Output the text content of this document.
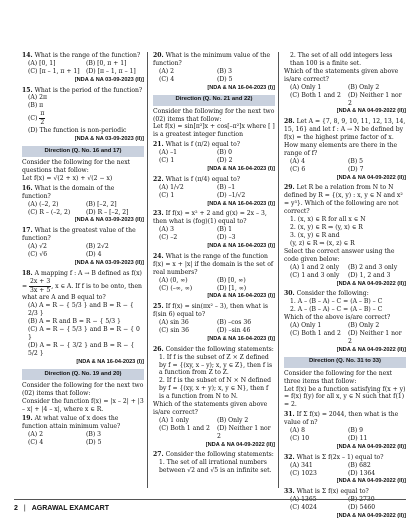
14. What is the range of the function?
(A) [0, 1]	(B) [0, π + 1]
(C) [π – 1, π + 1]	(D) [π – 1, π – 1]
[NDA & NA 03-09-2023 (II)]
15. What is the period of the function?
(A) 2π
(B) π
$(C) \frac{\pi}{2}$
(D) The function is non-periodic
[NDA & NA 03-09-2023 (II)]
Direction (Q. No. 16 and 17)
Consider the following for the next questions that follow:
Let f(x) = √(2 + x) + √(2 − x)
16. What is the domain of the function?
(A) (–2, 2)	(B) [–2, 2]
(C) R – (–2, 2)	(D) R – [–2, 2]
[NDA & NA 03-09-2023 (II)]
17. What is the greatest value of the function?
(A) √2	(B) 2√2
(C) √6	(D) 4
[NDA & NA 03-09-2023 (II)]
18. A mapping f : A → B defined as $f(x) = \frac{2x + 3}{3x + 5}$ , x ∈ A. If f is to be onto, then what are A and B equal to?
(A) A = R − { 5/3 } and B = R − { 2/3 }
(B) A = R and B = R − { 5/3 }
(C) A = R − { 5/3 } and B = R − { 0 }
(D) A = R − { 3/2 } and B = R − { 5/2 }
[NDA & NA 16-04-2023 (I)]
Direction (Q. No. 19 and 20)
Consider the following for the next two (02) items that follow:
Consider the function f(x) = |x – 2| + |3 – x| + |4 – x|, where x ∈ R.
19. At what value of x does the function attain minimum value?
(A) 2	(B) 3
(C) 4	(D) 5
20. What is the minimum value of the function?
(A) 2	(B) 3
(C) 4	(D) 5
[NDA & NA 16-04-2023 (I)]
Direction (Q. No. 21 and 22)
Consider the following for the next two (02) items that follow:
Let f(x) = sin[π²]x + cos[–π²]x where [ ] is a greatest integer function
21. What is f (π/2) equal to?
(A) –1	(B) 0
(C) 1	(D) 2
[NDA & NA 16-04-2023 (I)]
22. What is f (π/4) equal to?
(A) 1/√2	(B) –1
(C) 1	(D) –1/√2
[NDA & NA 16-04-2023 (I)]
23. If f(x) = x² + 2 and g(x) = 2x – 3, then what is (fog)(1) equal to?
(A) 3	(B) 1
(C) –2	(D) –3
[NDA & NA 16-04-2023 (I)]
24. What is the range of the function f(x) = x + |x| if the domain is the set of real numbers?
(A) (0, ∞)	(B) [0, ∞)
(C) (–∞, ∞)	(D) [1, ∞)
[NDA & NA 16-04-2023 (I)]
25. If f(x) = sin(πx² – 3), then what is f(sin 6) equal to?
(A) sin 36	(B) –cos 36
(C) sin 36	(D) –sin 46
[NDA & NA 16-04-2023 (I)]
26. Consider the following statements:
1. If f is the subset of Z × Z defined by f = {(xy, x – y); x, y ∈ Z}, then f is a function from Z to Z.
2. If f is the subset of N × N defined by f = {(xy, x + y); x, y ∈ N}, then f is a function from N to N.
Which of the statements given above is/are correct?
(A) 1 only	(B) Only 2
(C) Both 1 and 2	(D) Neither 1 nor 2
[NDA & NA 04-09-2022 (II)]
27. Consider the following statements:
1. The set of all irrational numbers between √2 and √5 is an infinite set.
2. The set of all odd integers less than 100 is a finite set.
Which of the statements given above is/are correct?
(A) Only 1	(B) Only 2
(C) Both 1 and 2	(D) Neither 1 nor 2
[NDA & NA 04-09-2022 (II)]
28. Let A = {7, 8, 9, 10, 11, 12, 13, 14, 15, 16} and let f : A → N be defined by f(x) = the highest prime factor of x. How many elements are there in the range of f?
(A) 4	(B) 5
(C) 6	(D) 7
[NDA & NA 04-09-2022 (II)]
29. Let R be a relation from N to N defined by R = {(x, y) : x, y ∈ N and x² = y³}. Which of the following are not correct?
1. (x, x) ∈ R for all x ∈ N
2. (x, y) ∈ R ⇒ (y, x) ∈ R
3. (x, y) ∈ R and
(y, z) ∈ R ⇒ (x, z) ∈ R
Select the correct answer using the code given below:
(A) 1 and 2 only	(B) 2 and 3 only
(C) 1 and 3 only	(D) 1, 2 and 3
[NDA & NA 04-09-2022 (II)]
30. Consider the following:
1. A – (B – A) – C = (A – B) – C
2. A – (B – A) – C = (A – B) – C
Which of the above is/are correct?
(A) Only 1	(B) Only 2
(C) Both 1 and 2	(D) Neither 1 nor 2
[NDA & NA 04-09-2022 (II)]
Direction (Q. No. 31 to 33)
Consider the following for the next three items that follow:
Let f(x) be a function satisfying f(x + y) = f(x) f(y) for all x, y ∈ N such that f(1) = 2.
31. If Σ f(x) = 2044, then what is the value of n?
(A) 8	(B) 9
(C) 10	(D) 11
[NDA & NA 04-09-2022 (II)]
32. What is Σ f(2x – 1) equal to?
(A) 341	(B) 682
(C) 1023	(D) 1364
[NDA & NA 04-09-2022 (II)]
33. What is Σ f(x) equal to?
(A) 1365	(B) 2730
(C) 4024	(D) 5460
[NDA & NA 04-09-2022 (II)]
2 | AGRAWAL EXAMCART
